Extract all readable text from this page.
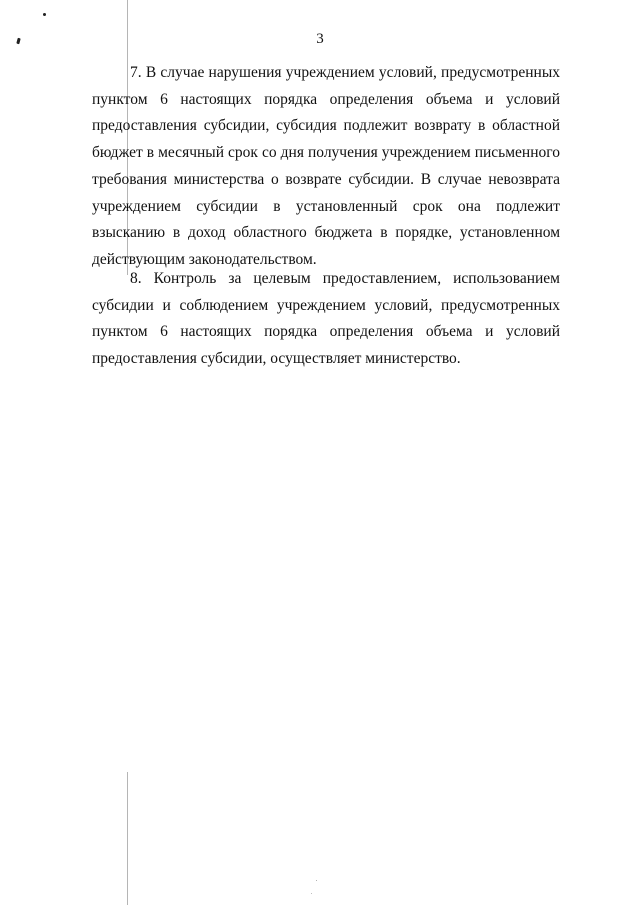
3

7. В случае нарушения учреждением условий, предусмотренных пунктом 6 настоящих порядка определения объема и условий предоставления субсидии, субсидия подлежит возврату в областной бюджет в месячный срок со дня получения учреждением письменного требования министерства о возврате субсидии. В случае невозврата учреждением субсидии в установленный срок она подлежит взысканию в доход областного бюджета в порядке, установленном действующим законодательством.

8. Контроль за целевым предоставлением, использованием субсидии и соблюдением учреждением условий, предусмотренных пунктом 6 настоящих порядка определения объема и условий предоставления субсидии, осуществляет министерство.
